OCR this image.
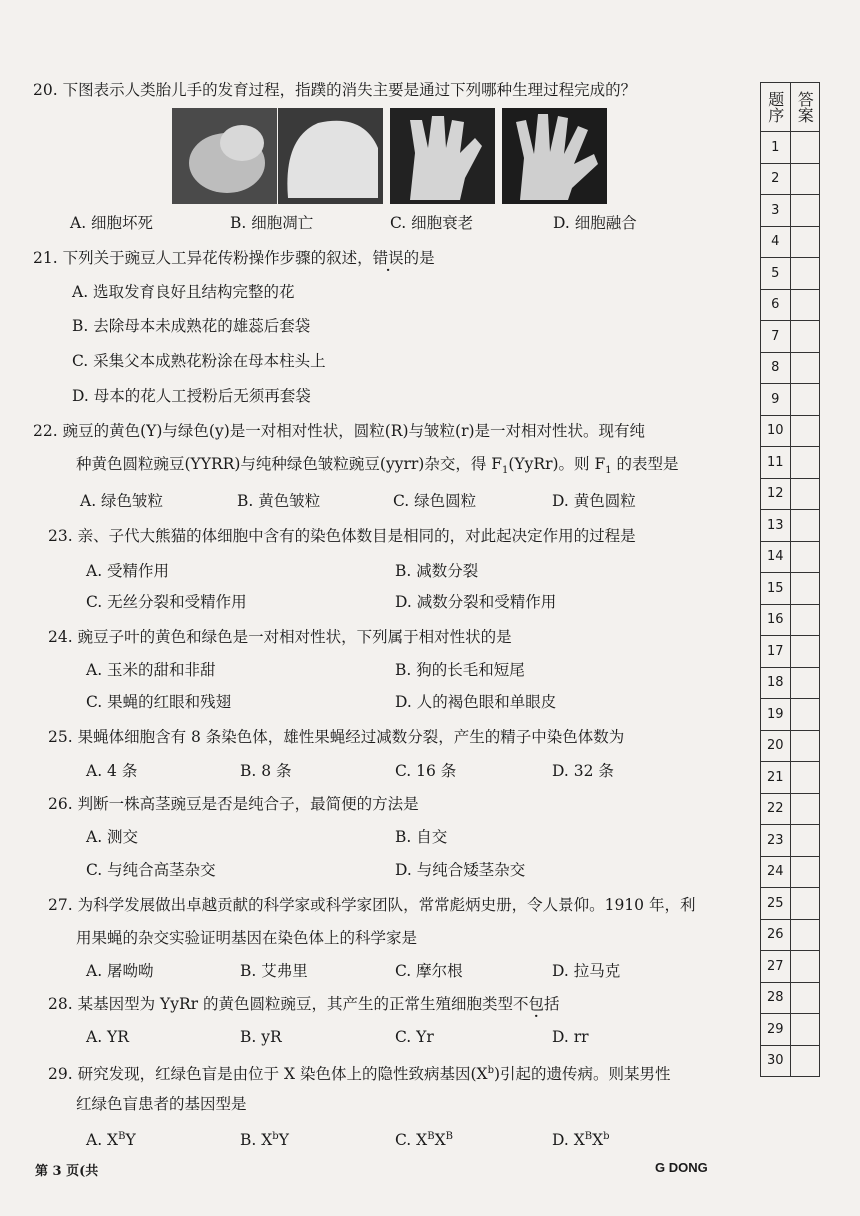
20. 下图表示人类胎儿手的发育过程，指蹼的消失主要是通过下列哪种生理过程完成的？
A. 细胞坏死	B. 细胞凋亡	C. 细胞衰老	D. 细胞融合
21. 下列关于豌豆人工异花传粉操作步骤的叙述，错误的是
A. 选取发育良好且结构完整的花
B. 去除母本未成熟花的雄蕊后套袋
C. 采集父本成熟花粉涂在母本柱头上
D. 母本的花人工授粉后无须再套袋
22. 豌豆的黄色(Y)与绿色(y)是一对相对性状，圆粒(R)与皱粒(r)是一对相对性状。现有纯
种黄色圆粒豌豆(YYRR)与纯种绿色皱粒豌豆(yyrr)杂交，得 $F_1(YyRr)$。则 $F_1$ 的表型是
A. 绿色皱粒	B. 黄色皱粒	C. 绿色圆粒	D. 黄色圆粒
23. 亲、子代大熊猫的体细胞中含有的染色体数目是相同的，对此起决定作用的过程是
A. 受精作用	B. 减数分裂
C. 无丝分裂和受精作用	D. 减数分裂和受精作用
24. 豌豆子叶的黄色和绿色是一对相对性状，下列属于相对性状的是
A. 玉米的甜和非甜	B. 狗的长毛和短尾
C. 果蝇的红眼和残翅	D. 人的褐色眼和单眼皮
25. 果蝇体细胞含有 8 条染色体，雄性果蝇经过减数分裂，产生的精子中染色体数为
A. 4 条	B. 8 条	C. 16 条	D. 32 条
26. 判断一株高茎豌豆是否是纯合子，最简便的方法是
A. 测交	B. 自交
C. 与纯合高茎杂交	D. 与纯合矮茎杂交
27. 为科学发展做出卓越贡献的科学家或科学家团队，常常彪炳史册，令人景仰。1910 年，利
用果蝇的杂交实验证明基因在染色体上的科学家是
A. 屠呦呦	B. 艾弗里	C. 摩尔根	D. 拉马克
28. 某基因型为 YyRr 的黄色圆粒豌豆，其产生的正常生殖细胞类型不包括
A. YR	B. yR	C. Yr	D. rr
29. 研究发现，红绿色盲是由位于 X 染色体上的隐性致病基因$(X^b)$引起的遗传病。则某男性
红绿色盲患者的基因型是
A. $X^BY$	B. $X^bY$	C. $X^BX^B$	D. $X^BX^b$
题序	答案
1	
2	
3	
4	
5	
6	
7	
8	
9	
10	
11	
12	
13	
14	
15	
16	
17	
18	
19	
20	
21	
22	
23	
24	
25	
26	
27	
28	
29	
30	
第 3 页(共	G DONG
